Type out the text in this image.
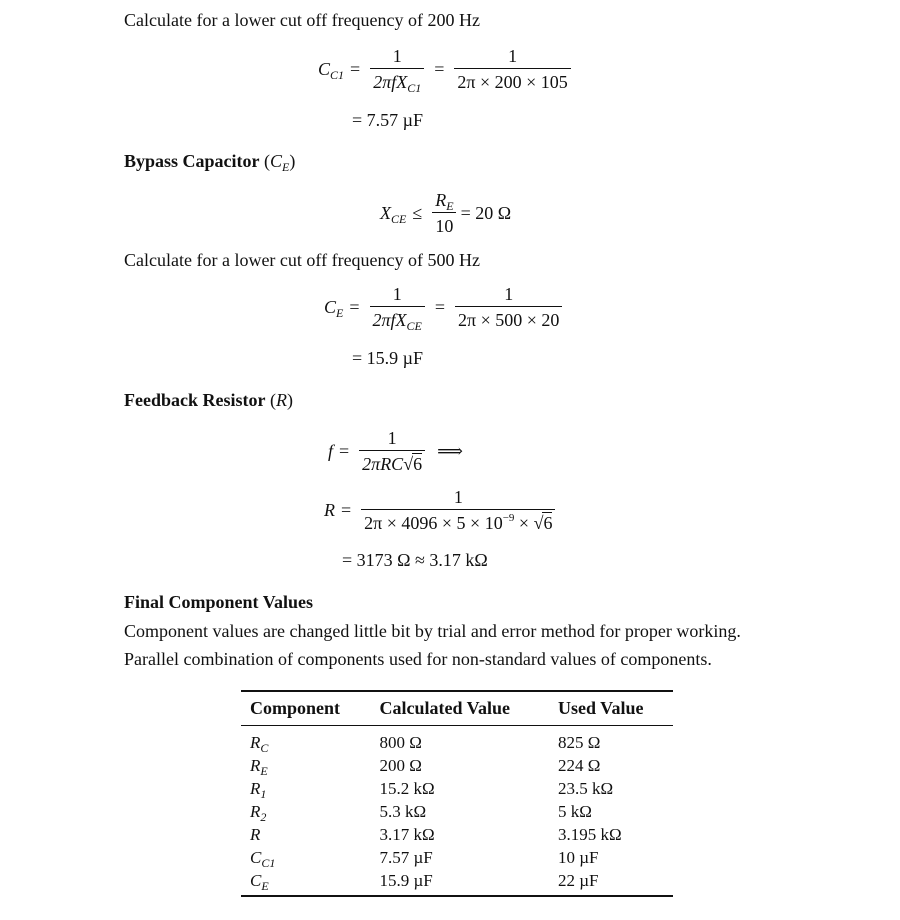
Calculate for a lower cut off frequency of 200 Hz
$C_{C1} = \frac{1}{2\pi fX_{C1}} = \frac{1}{2\pi \times 200 \times 105}$
= 7.57 µF
Bypass Capacitor $(C_E)$
$X_{CE} \le \frac{R_E}{10} = 20$ Ω
Calculate for a lower cut off frequency of 500 Hz
$C_E = \frac{1}{2\pi fX_{CE}} = \frac{1}{2\pi \times 500 \times 20}$
= 15.9 µF
Feedback Resistor (R)
$f = \frac{1}{\text{2πRC√6}}$ ⟹
$R = \frac{1}{2\pi \times 4096 \times 5 \times 10^{-9} \times √6}$
= 3173 Ω ≈ 3.17 kΩ
Final Component Values
Component values are changed little bit by trial and error method for proper working.
Parallel combination of components used for non-standard values of components.
Component	Calculated Value	Used Value
$R_C$	800 Ω	825 Ω
$R_E$	200 Ω	224 Ω
$R_1$	15.2 kΩ	23.5 kΩ
$R_2$	5.3 kΩ	5 kΩ
R	3.17 kΩ	3.195 kΩ
$C_{C1}$	7.57 µF	10 µF
$C_E$	15.9 µF	22 µF
